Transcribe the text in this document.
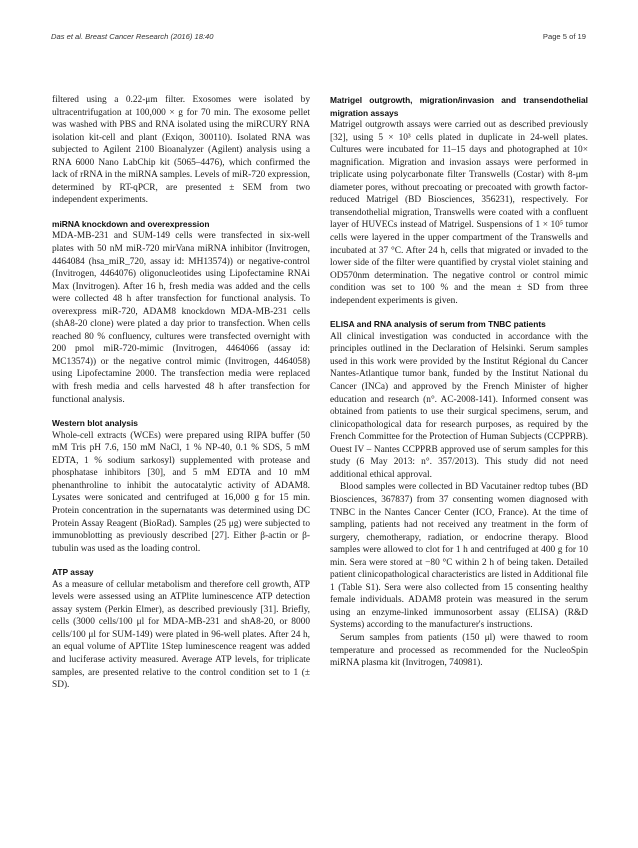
Das et al. Breast Cancer Research (2016) 18:40	Page 5 of 19

filtered using a 0.22-μm filter. Exosomes were isolated by ultracentrifugation at 100,000 × g for 70 min. The exosome pellet was washed with PBS and RNA isolated using the miRCURY RNA isolation kit-cell and plant (Exiqon, 300110). Isolated RNA was subjected to Agilent 2100 Bioanalyzer (Agilent) analysis using a RNA 6000 Nano LabChip kit (5065–4476), which confirmed the lack of rRNA in the miRNA samples. Levels of miR-720 expression, determined by RT-qPCR, are presented ± SEM from two independent experiments.

miRNA knockdown and overexpression

MDA-MB-231 and SUM-149 cells were transfected in six-well plates with 50 nM miR-720 mirVana miRNA inhibitor (Invitrogen, 4464084 (hsa_miR_720, assay id: MH13574)) or negative-control (Invitrogen, 4464076) oligonucleotides using Lipofectamine RNAi Max (Invitrogen). After 16 h, fresh media was added and the cells were collected 48 h after transfection for functional analysis. To overexpress miR-720, ADAM8 knockdown MDA-MB-231 cells (shA8-20 clone) were plated a day prior to transfection. When cells reached 80 % confluency, cultures were transfected overnight with 200 pmol miR-720-mimic (Invitrogen, 4464066 (assay id: MC13574)) or the negative control mimic (Invitrogen, 4464058) using Lipofectamine 2000. The transfection media were replaced with fresh media and cells harvested 48 h after transfection for functional analysis.

Western blot analysis

Whole-cell extracts (WCEs) were prepared using RIPA buffer (50 mM Tris pH 7.6, 150 mM NaCl, 1 % NP-40, 0.1 % SDS, 5 mM EDTA, 1 % sodium sarkosyl) supplemented with protease and phosphatase inhibitors [30], and 5 mM EDTA and 10 mM phenanthroline to inhibit the autocatalytic activity of ADAM8. Lysates were sonicated and centrifuged at 16,000 g for 15 min. Protein concentration in the supernatants was determined using DC Protein Assay Reagent (BioRad). Samples (25 μg) were subjected to immunoblotting as previously described [27]. Either β-actin or β-tubulin was used as the loading control.

ATP assay

As a measure of cellular metabolism and therefore cell growth, ATP levels were assessed using an ATPlite luminescence ATP detection assay system (Perkin Elmer), as described previously [31]. Briefly, cells (3000 cells/100 μl for MDA-MB-231 and shA8-20, or 8000 cells/100 μl for SUM-149) were plated in 96-well plates. After 24 h, an equal volume of APTlite 1Step luminescence reagent was added and luciferase activity measured. Average ATP levels, for triplicate samples, are presented relative to the control condition set to 1 (± SD).

Matrigel outgrowth, migration/invasion and transendothelial migration assays

Matrigel outgrowth assays were carried out as described previously [32], using 5 × 10³ cells plated in duplicate in 24-well plates. Cultures were incubated for 11–15 days and photographed at 10× magnification. Migration and invasion assays were performed in triplicate using polycarbonate filter Transwells (Costar) with 8-μm diameter pores, without precoating or precoated with growth factor-reduced Matrigel (BD Biosciences, 356231), respectively. For transendothelial migration, Transwells were coated with a confluent layer of HUVECs instead of Matrigel. Suspensions of 1 × 10⁵ tumor cells were layered in the upper compartment of the Transwells and incubated at 37 °C. After 24 h, cells that migrated or invaded to the lower side of the filter were quantified by crystal violet staining and OD570nm determination. The negative control or control mimic condition was set to 100 % and the mean ± SD from three independent experiments is given.

ELISA and RNA analysis of serum from TNBC patients

All clinical investigation was conducted in accordance with the principles outlined in the Declaration of Helsinki. Serum samples used in this work were provided by the Institut Régional du Cancer Nantes-Atlantique tumor bank, funded by the Institut National du Cancer (INCa) and approved by the French Minister of higher education and research (n°. AC-2008-141). Informed consent was obtained from patients to use their surgical specimens, serum, and clinicopathological data for research purposes, as required by the French Committee for the Protection of Human Subjects (CCPPRB). Ouest IV – Nantes CCPPRB approved use of serum samples for this study (6 May 2013: n°. 357/2013). This study did not need additional ethical approval.

Blood samples were collected in BD Vacutainer redtop tubes (BD Biosciences, 367837) from 37 consenting women diagnosed with TNBC in the Nantes Cancer Center (ICO, France). At the time of sampling, patients had not received any treatment in the form of surgery, chemotherapy, radiation, or endocrine therapy. Blood samples were allowed to clot for 1 h and centrifuged at 400 g for 10 min. Sera were stored at −80 °C within 2 h of being taken. Detailed patient clinicopathological characteristics are listed in Additional file 1 (Table S1). Sera were also collected from 15 consenting healthy female individuals. ADAM8 protein was measured in the serum using an enzyme-linked immunosorbent assay (ELISA) (R&D Systems) according to the manufacturer's instructions.

Serum samples from patients (150 μl) were thawed to room temperature and processed as recommended for the NucleoSpin miRNA plasma kit (Invitrogen, 740981).
